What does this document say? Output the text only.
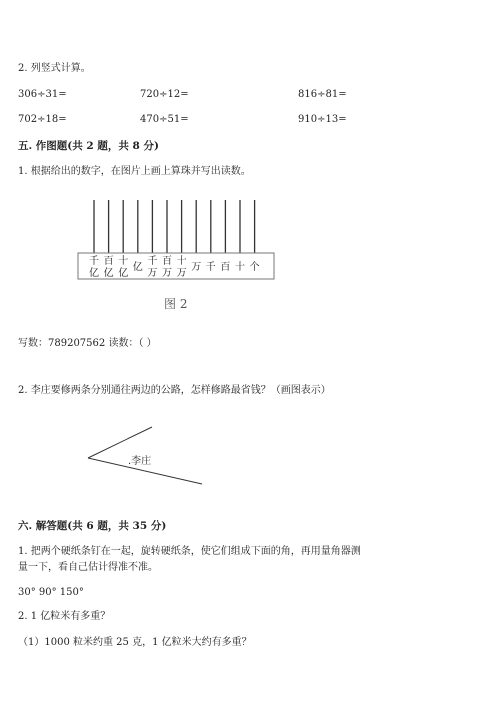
2. 列竖式计算。
306÷31=	720÷12=	816÷81=
702÷18=	470÷51=	910÷13=
五. 作图题(共 2 题，共 8 分)
1. 根据给出的数字，在图片上画上算珠并写出读数。
千亿
百亿
十亿
亿
千万
百万
十万
万 千 百 十 个
图 2
写数：789207562 读数：（ ）
2. 李庄要修两条分别通往两边的公路，怎样修路最省钱？（画图表示）
.李庄
六. 解答题(共 6 题，共 35 分)
1. 把两个硬纸条钉在一起，旋转硬纸条，使它们组成下面的角，再用量角器测
量一下，看自己估计得准不准。
30° 90° 150°
2. 1 亿粒米有多重？
（1）1000 粒米约重 25 克，1 亿粒米大约有多重？
